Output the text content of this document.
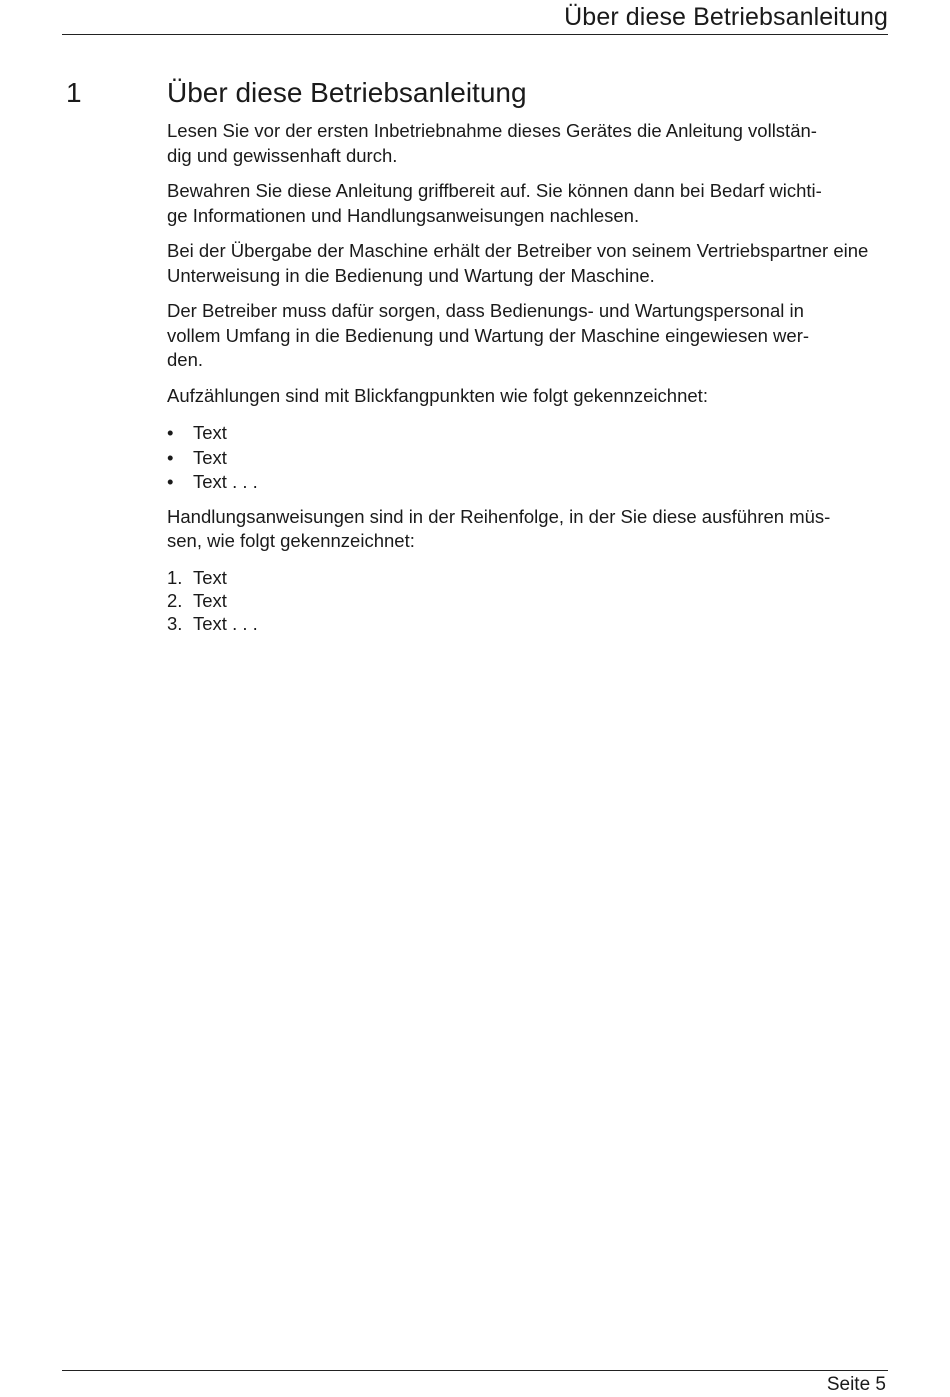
Über diese Betriebsanleitung
1	Über diese Betriebsanleitung

Lesen Sie vor der ersten Inbetriebnahme dieses Gerätes die Anleitung vollstän-
dig und gewissenhaft durch.

Bewahren Sie diese Anleitung griffbereit auf. Sie können dann bei Bedarf wichti-
ge Informationen und Handlungsanweisungen nachlesen.

Bei der Übergabe der Maschine erhält der Betreiber von seinem Vertriebspartner eine Unterweisung in die Bedienung und Wartung der Maschine.

Der Betreiber muss dafür sorgen, dass Bedienungs- und Wartungspersonal in
vollem Umfang in die Bedienung und Wartung der Maschine eingewiesen wer-
den.

Aufzählungen sind mit Blickfangpunkten wie folgt gekennzeichnet:

• Text
• Text
• Text . . .

Handlungsanweisungen sind in der Reihenfolge, in der Sie diese ausführen müs-
sen, wie folgt gekennzeichnet:

1. Text
2. Text
3. Text . . .
Seite 5
